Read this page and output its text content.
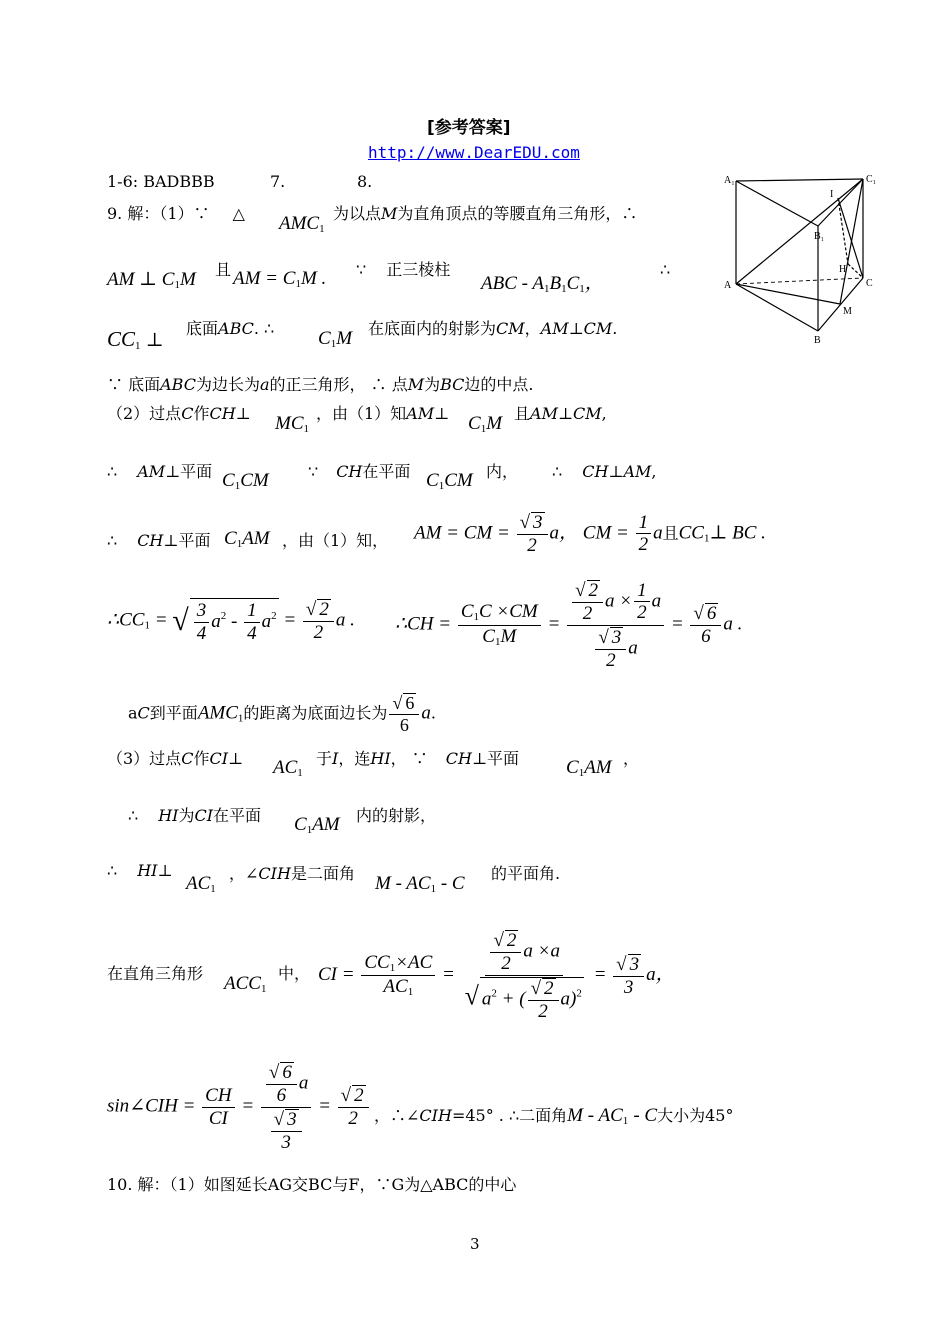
[参考答案]
http://www.DearEDU.com
1-6: BADBBB	7.	8.	A₁	C₁
B₁
A
B
C
I
H
M
9. 解：（1）∵ △ $AMC_1$
为以点M为直角顶点的等腰直角三角形，∴
AM ⊥ $C_1M$ 且 AM = $C_1M$ . ∵ 正三棱柱
ABC - $A_1B_1C_1$，
∴
$CC_1$ ⊥
底面ABC. ∴ $C_1M$ 在底面内的射影为CM，AM⊥CM.
∵ 底面ABC为边长为a的正三角形， ∴ 点M为BC边的中点.
（2）过点C作CH⊥ $MC_1$
，由（1）知AM⊥ $C_1M$ 且AM⊥CM,
∴ AM⊥平面 $C_1CM$ ∵ CH在平面 $C_1CM$ 内， ∴ CH⊥AM,
∴ CH⊥平面 $C_1AM$ ，由（1）知， AM = CM = $\frac{√ 3}{2}$ a， CM = $\frac{1}{2}$ a且$CC_1\perp$ BC .
$\therefore CC_1$ = √ $\frac{3}{4} a^2 - \frac{1}{4} a^2 = \frac{√ 2}{2}$ a . ∴CH = $\frac{C_1C \times CM}{C_1M} = \frac{\frac{√ 2}{2} a \times \frac{1}{2} a}{\frac{√ 3}{2} a} = \frac{√ 6}{6}$ a .
aC到平面$AMC_1$的距离为底面边长为 $\frac{√ 6}{6} a$.
（3）过点C作CI⊥ $AC_1$
于I，连HI， ∵ CH⊥平面 $C_1AM$ ，
∴ HI为CI在平面 $C_1AM$ 内的射影，
∴ HI⊥
$AC_1$
，∠CIH是二面角 M - $AC_1$ - C 的平面角.
在直角三角形 $ACC_1$
中， CI = $\frac{CC_1\times AC}{AC_1} = \frac{\frac{√ 2}{2} a \times a}{√ a^2 + ( \frac{√ 2}{2} a)^2} = \frac{√ 3}{3}$ a，
sin∠CIH = $\frac{CH}{CI} = \frac{\frac{√ 6}{6} a}{\frac{√ 3}{3}} = \frac{√ 2}{2}$ ，∴∠CIH=45° . ∴二面角M - $AC_1$ - C大小为45°
10. 解：（1）如图延长AG交BC与F，∵G为△ABC的中心
3
